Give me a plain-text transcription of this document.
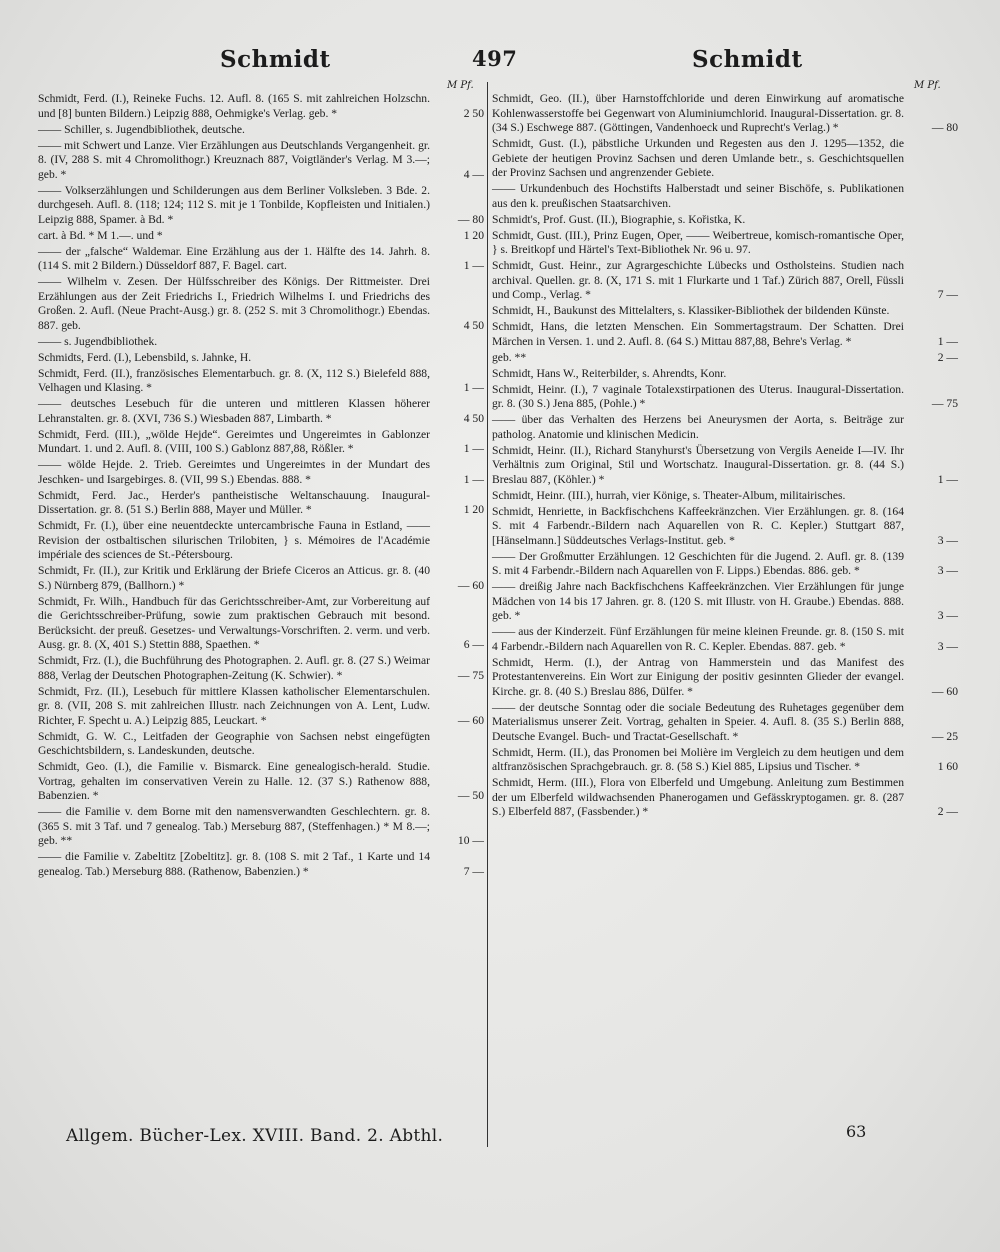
Schmidt	497	Schmidt
M Pf.	M Pf.
Schmidt, Ferd. (I.), Reineke Fuchs. 12. Aufl. 8. (165 S. mit zahlreichen Holzschn. und [8] bunten Bildern.) Leipzig 888, Oehmigke's Verlag. geb. *	2 50
—— Schiller, s. Jugendbibliothek, deutsche.
—— mit Schwert und Lanze. Vier Erzählungen aus Deutschlands Vergangenheit. gr. 8. (IV, 288 S. mit 4 Chromolithogr.) Kreuznach 887, Voigtländer's Verlag. M 3.—; geb. *	4 —
—— Volkserzählungen und Schilderungen aus dem Berliner Volksleben. 3 Bde. 2. durchgeseh. Aufl. 8. (118; 124; 112 S. mit je 1 Tonbilde, Kopfleisten und Initialen.) Leipzig 888, Spamer. à Bd. *	— 80
cart. à Bd. * M 1.—. und *	1 20
—— der „falsche“ Waldemar. Eine Erzählung aus der 1. Hälfte des 14. Jahrh. 8. (114 S. mit 2 Bildern.) Düsseldorf 887, F. Bagel. cart.	1 —
—— Wilhelm v. Zesen. Der Hülfsschreiber des Königs. Der Rittmeister. Drei Erzählungen aus der Zeit Friedrichs I., Friedrich Wilhelms I. und Friedrichs des Großen. 2. Aufl. (Neue Pracht-Ausg.) gr. 8. (252 S. mit 3 Chromolithogr.) Ebendas. 887. geb.	4 50
—— s. Jugendbibliothek.
Schmidts, Ferd. (I.), Lebensbild, s. Jahnke, H.
Schmidt, Ferd. (II.), französisches Elementarbuch. gr. 8. (X, 112 S.) Bielefeld 888, Velhagen und Klasing. *	1 —
—— deutsches Lesebuch für die unteren und mittleren Klassen höherer Lehranstalten. gr. 8. (XVI, 736 S.) Wiesbaden 887, Limbarth. *	4 50
Schmidt, Ferd. (III.), „wölde Hejde“. Gereimtes und Ungereimtes in Gablonzer Mundart. 1. und 2. Aufl. 8. (VIII, 100 S.) Gablonz 887,88, Rößler. *	1 —
—— wölde Hejde. 2. Trieb. Gereimtes und Ungereimtes in der Mundart des Jeschken- und Isargebirges. 8. (VII, 99 S.) Ebendas. 888. *	1 —
Schmidt, Ferd. Jac., Herder's pantheistische Weltanschauung. Inaugural-Dissertation. gr. 8. (51 S.) Berlin 888, Mayer und Müller. *	1 20
Schmidt, Fr. (I.), über eine neuentdeckte untercambrische Fauna in Estland, —— Revision der ostbaltischen silurischen Trilobiten, } s. Mémoires de l'Académie impériale des sciences de St.-Pétersbourg.
Schmidt, Fr. (II.), zur Kritik und Erklärung der Briefe Ciceros an Atticus. gr. 8. (40 S.) Nürnberg 879, (Ballhorn.) *	— 60
Schmidt, Fr. Wilh., Handbuch für das Gerichtsschreiber-Amt, zur Vorbereitung auf die Gerichtsschreiber-Prüfung, sowie zum praktischen Gebrauch mit besond. Berücksicht. der preuß. Gesetzes- und Verwaltungs-Vorschriften. 2. verm. und verb. Ausg. gr. 8. (X, 401 S.) Stettin 888, Spaethen. *	6 —
Schmidt, Frz. (I.), die Buchführung des Photographen. 2. Aufl. gr. 8. (27 S.) Weimar 888, Verlag der Deutschen Photographen-Zeitung (K. Schwier). *	— 75
Schmidt, Frz. (II.), Lesebuch für mittlere Klassen katholischer Elementarschulen. gr. 8. (VII, 208 S. mit zahlreichen Illustr. nach Zeichnungen von A. Lent, Ludw. Richter, F. Specht u. A.) Leipzig 885, Leuckart. *	— 60
Schmidt, G. W. C., Leitfaden der Geographie von Sachsen nebst eingefügten Geschichtsbildern, s. Landeskunden, deutsche.
Schmidt, Geo. (I.), die Familie v. Bismarck. Eine genealogisch-herald. Studie. Vortrag, gehalten im conservativen Verein zu Halle. 12. (37 S.) Rathenow 888, Babenzien. *	— 50
—— die Familie v. dem Borne mit den namensverwandten Geschlechtern. gr. 8. (365 S. mit 3 Taf. und 7 genealog. Tab.) Merseburg 887, (Steffenhagen.) * M 8.—; geb. **	10 —
—— die Familie v. Zabeltitz [Zobeltitz]. gr. 8. (108 S. mit 2 Taf., 1 Karte und 14 genealog. Tab.) Merseburg 888. (Rathenow, Babenzien.) *	7 —
Schmidt, Geo. (II.), über Harnstoffchloride und deren Einwirkung auf aromatische Kohlenwasserstoffe bei Gegenwart von Aluminiumchlorid. Inaugural-Dissertation. gr. 8. (34 S.) Eschwege 887. (Göttingen, Vandenhoeck und Ruprecht's Verlag.) *	— 80
Schmidt, Gust. (I.), päbstliche Urkunden und Regesten aus den J. 1295—1352, die Gebiete der heutigen Provinz Sachsen und deren Umlande betr., s. Geschichtsquellen der Provinz Sachsen und angrenzender Gebiete.
—— Urkundenbuch des Hochstifts Halberstadt und seiner Bischöfe, s. Publikationen aus den k. preußischen Staatsarchiven.
Schmidt's, Prof. Gust. (II.), Biographie, s. Kořistka, K.
Schmidt, Gust. (III.), Prinz Eugen, Oper, —— Weibertreue, komisch-romantische Oper, } s. Breitkopf und Härtel's Text-Bibliothek Nr. 96 u. 97.
Schmidt, Gust. Heinr., zur Agrargeschichte Lübecks und Ostholsteins. Studien nach archival. Quellen. gr. 8. (X, 171 S. mit 1 Flurkarte und 1 Taf.) Zürich 887, Orell, Füssli und Comp., Verlag. *	7 —
Schmidt, H., Baukunst des Mittelalters, s. Klassiker-Bibliothek der bildenden Künste.
Schmidt, Hans, die letzten Menschen. Ein Sommertagstraum. Der Schatten. Drei Märchen in Versen. 1. und 2. Aufl. 8. (64 S.) Mittau 887,88, Behre's Verlag. *	1 —
geb. **	2 —
Schmidt, Hans W., Reiterbilder, s. Ahrendts, Konr.
Schmidt, Heinr. (I.), 7 vaginale Totalexstirpationen des Uterus. Inaugural-Dissertation. gr. 8. (30 S.) Jena 885, (Pohle.) *	— 75
—— über das Verhalten des Herzens bei Aneurysmen der Aorta, s. Beiträge zur patholog. Anatomie und klinischen Medicin.
Schmidt, Heinr. (II.), Richard Stanyhurst's Übersetzung von Vergils Aeneide I—IV. Ihr Verhältnis zum Original, Stil und Wortschatz. Inaugural-Dissertation. gr. 8. (44 S.) Breslau 887, (Köhler.) *	1 —
Schmidt, Heinr. (III.), hurrah, vier Könige, s. Theater-Album, militairisches.
Schmidt, Henriette, in Backfischchens Kaffeekränzchen. Vier Erzählungen. gr. 8. (164 S. mit 4 Farbendr.-Bildern nach Aquarellen von R. C. Kepler.) Stuttgart 887, [Hänselmann.] Süddeutsches Verlags-Institut. geb. *	3 —
—— Der Großmutter Erzählungen. 12 Geschichten für die Jugend. 2. Aufl. gr. 8. (139 S. mit 4 Farbendr.-Bildern nach Aquarellen von F. Lipps.) Ebendas. 886. geb. *	3 —
—— dreißig Jahre nach Backfischchens Kaffeekränzchen. Vier Erzählungen für junge Mädchen von 14 bis 17 Jahren. gr. 8. (120 S. mit Illustr. von H. Graube.) Ebendas. 888. geb. *	3 —
—— aus der Kinderzeit. Fünf Erzählungen für meine kleinen Freunde. gr. 8. (150 S. mit 4 Farbendr.-Bildern nach Aquarellen von R. C. Kepler. Ebendas. 887. geb. *	3 —
Schmidt, Herm. (I.), der Antrag von Hammerstein und das Manifest des Protestantenvereins. Ein Wort zur Einigung der positiv gesinnten Glieder der evangel. Kirche. gr. 8. (40 S.) Breslau 886, Dülfer. *	— 60
—— der deutsche Sonntag oder die sociale Bedeutung des Ruhetages gegenüber dem Materialismus unserer Zeit. Vortrag, gehalten in Speier. 4. Aufl. 8. (35 S.) Berlin 888, Deutsche Evangel. Buch- und Tractat-Gesellschaft. *	— 25
Schmidt, Herm. (II.), das Pronomen bei Molière im Vergleich zu dem heutigen und dem altfranzösischen Sprachgebrauch. gr. 8. (58 S.) Kiel 885, Lipsius und Tischer. *	1 60
Schmidt, Herm. (III.), Flora von Elberfeld und Umgebung. Anleitung zum Bestimmen der um Elberfeld wildwachsenden Phanerogamen und Gefässkryptogamen. gr. 8. (287 S.) Elberfeld 887, (Fassbender.) *	2 —
Allgem. Bücher-Lex. XVIII. Band. 2. Abthl.	63
